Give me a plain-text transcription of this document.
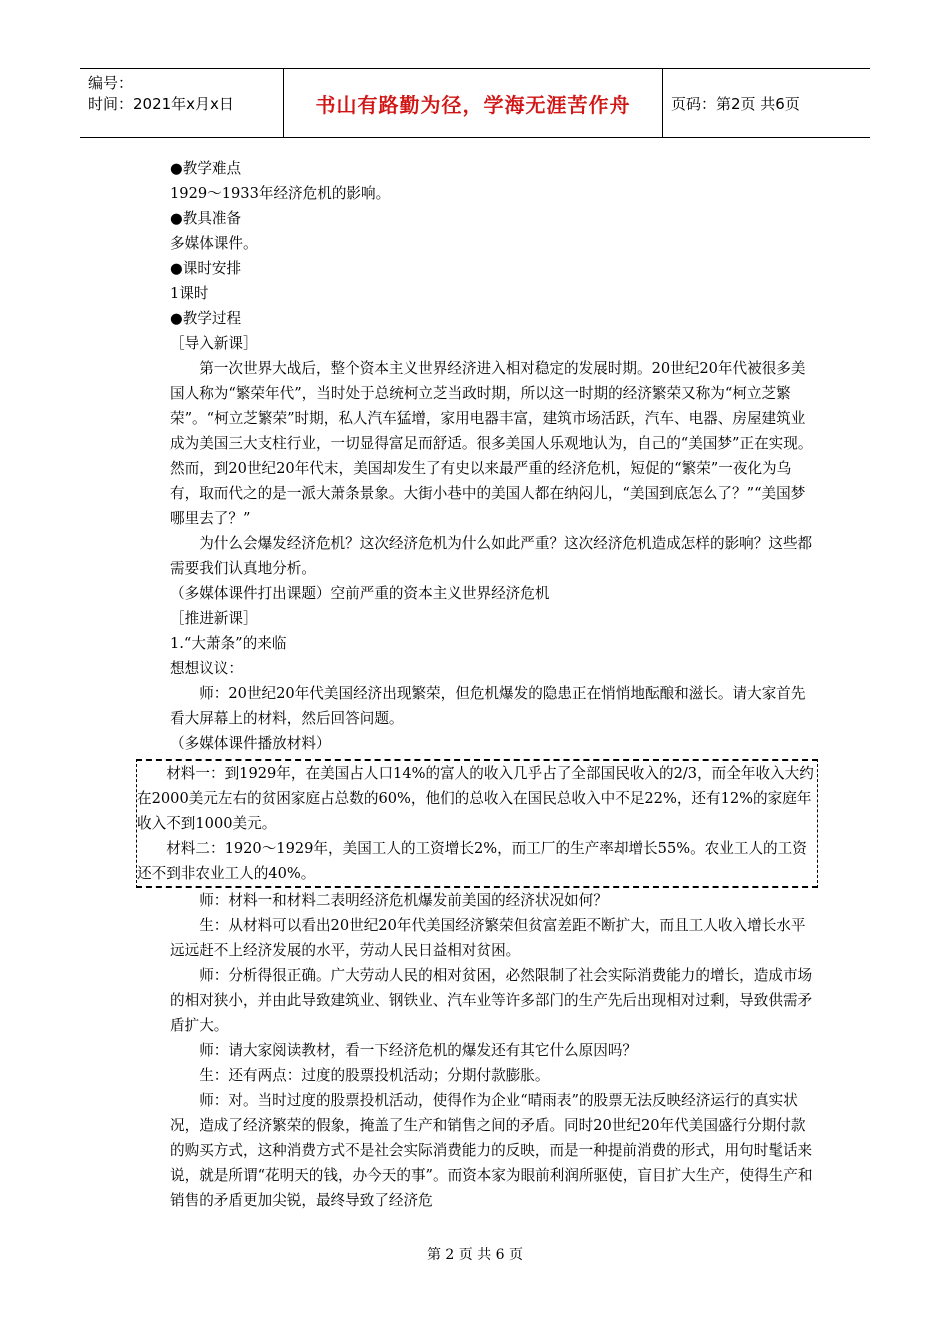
编号：
时间：2021年x月x日	书山有路勤为径，学海无涯苦作舟	页码：第2页 共6页

●教学难点

1929～1933年经济危机的影响。

●教具准备

多媒体课件。

●课时安排

1课时

●教学过程

［导入新课］

第一次世界大战后，整个资本主义世界经济进入相对稳定的发展时期。20世纪20年代被很多美国人称为“繁荣年代”，当时处于总统柯立芝当政时期，所以这一时期的经济繁荣又称为“柯立芝繁荣”。“柯立芝繁荣”时期，私人汽车猛增，家用电器丰富，建筑市场活跃，汽车、电器、房屋建筑业成为美国三大支柱行业，一切显得富足而舒适。很多美国人乐观地认为，自己的“美国梦”正在实现。然而，到20世纪20年代末，美国却发生了有史以来最严重的经济危机，短促的“繁荣”一夜化为乌有，取而代之的是一派大萧条景象。大街小巷中的美国人都在纳闷儿，“美国到底怎么了？”“美国梦哪里去了？”

为什么会爆发经济危机？这次经济危机为什么如此严重？这次经济危机造成怎样的影响？这些都需要我们认真地分析。

（多媒体课件打出课题）空前严重的资本主义世界经济危机

［推进新课］

1.“大萧条”的来临

想想议议：

师：20世纪20年代美国经济出现繁荣，但危机爆发的隐患正在悄悄地酝酿和滋长。请大家首先看大屏幕上的材料，然后回答问题。

（多媒体课件播放材料）

材料一：到1929年，在美国占人口14%的富人的收入几乎占了全部国民收入的2/3，而全年收入大约在2000美元左右的贫困家庭占总数的60%，他们的总收入在国民总收入中不足22%，还有12%的家庭年收入不到1000美元。

材料二：1920～1929年，美国工人的工资增长2%，而工厂的生产率却增长55%。农业工人的工资还不到非农业工人的40%。

师：材料一和材料二表明经济危机爆发前美国的经济状况如何？

生：从材料可以看出20世纪20年代美国经济繁荣但贫富差距不断扩大，而且工人收入增长水平远远赶不上经济发展的水平，劳动人民日益相对贫困。

师：分析得很正确。广大劳动人民的相对贫困，必然限制了社会实际消费能力的增长，造成市场的相对狭小，并由此导致建筑业、钢铁业、汽车业等许多部门的生产先后出现相对过剩，导致供需矛盾扩大。

师：请大家阅读教材，看一下经济危机的爆发还有其它什么原因吗？

生：还有两点：过度的股票投机活动；分期付款膨胀。

师：对。当时过度的股票投机活动，使得作为企业“晴雨表”的股票无法反映经济运行的真实状况，造成了经济繁荣的假象，掩盖了生产和销售之间的矛盾。同时20世纪20年代美国盛行分期付款的购买方式，这种消费方式不是社会实际消费能力的反映，而是一种提前消费的形式，用句时髦话来说，就是所谓“花明天的钱，办今天的事”。而资本家为眼前利润所驱使，盲目扩大生产，使得生产和销售的矛盾更加尖锐，最终导致了经济危

第 2 页 共 6 页
